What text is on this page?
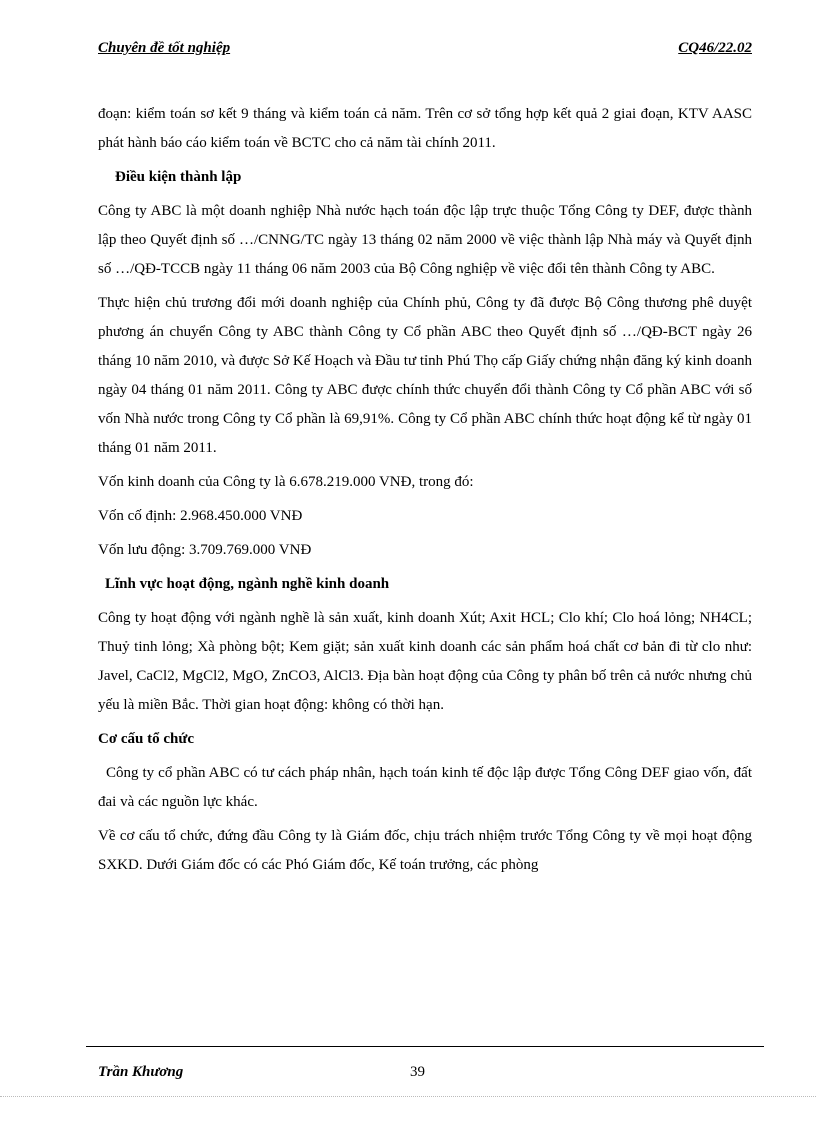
Chuyên đề tốt nghiệp	CQ46/22.02

đoạn: kiểm toán sơ kết 9 tháng và kiểm toán cả năm. Trên cơ sở tổng hợp kết quả 2 giai đoạn, KTV AASC phát hành báo cáo kiểm toán về BCTC cho cả năm tài chính 2011.

Điều kiện thành lập

Công ty ABC là một doanh nghiệp Nhà nước hạch toán độc lập trực thuộc Tổng Công ty DEF, được thành lập theo Quyết định số …/CNNG/TC ngày 13 tháng 02 năm 2000 về việc thành lập Nhà máy và Quyết định số …/QĐ-TCCB ngày 11 tháng 06 năm 2003 của Bộ Công nghiệp về việc đổi tên thành Công ty ABC.

Thực hiện chủ trương đổi mới doanh nghiệp của Chính phủ, Công ty đã được Bộ Công thương phê duyệt phương án chuyển Công ty ABC thành Công ty Cổ phần ABC theo Quyết định số …/QĐ-BCT ngày 26 tháng 10 năm 2010, và được Sở Kế Hoạch và Đầu tư tỉnh Phú Thọ cấp Giấy chứng nhận đăng ký kinh doanh ngày 04 tháng 01 năm 2011. Công ty ABC được chính thức chuyển đổi thành Công ty Cổ phần ABC với số vốn Nhà nước trong Công ty Cổ phần là 69,91%. Công ty Cổ phần ABC chính thức hoạt động kể từ ngày 01 tháng 01 năm 2011.

Vốn kinh doanh của Công ty là 6.678.219.000 VNĐ, trong đó:

Vốn cố định: 2.968.450.000 VNĐ

Vốn lưu động: 3.709.769.000 VNĐ

Lĩnh vực hoạt động, ngành nghề kinh doanh

Công ty hoạt động với ngành nghề là sản xuất, kinh doanh Xút; Axit HCL; Clo khí; Clo hoá lỏng; NH4CL; Thuỷ tinh lỏng; Xà phòng bột; Kem giặt; sản xuất kinh doanh các sản phẩm hoá chất cơ bản đi từ clo như: Javel, CaCl2, MgCl2, MgO, ZnCO3, AlCl3. Địa bàn hoạt động của Công ty phân bố trên cả nước nhưng chủ yếu là miền Bắc. Thời gian hoạt động: không có thời hạn.

Cơ cấu tổ chức

Công ty cổ phần ABC có tư cách pháp nhân, hạch toán kinh tế độc lập được Tổng Công DEF giao vốn, đất đai và các nguồn lực khác.

Về cơ cấu tổ chức, đứng đầu Công ty là Giám đốc, chịu trách nhiệm trước Tổng Công ty về mọi hoạt động SXKD. Dưới Giám đốc có các Phó Giám đốc, Kế toán trưởng, các phòng

Trần Khương	39
